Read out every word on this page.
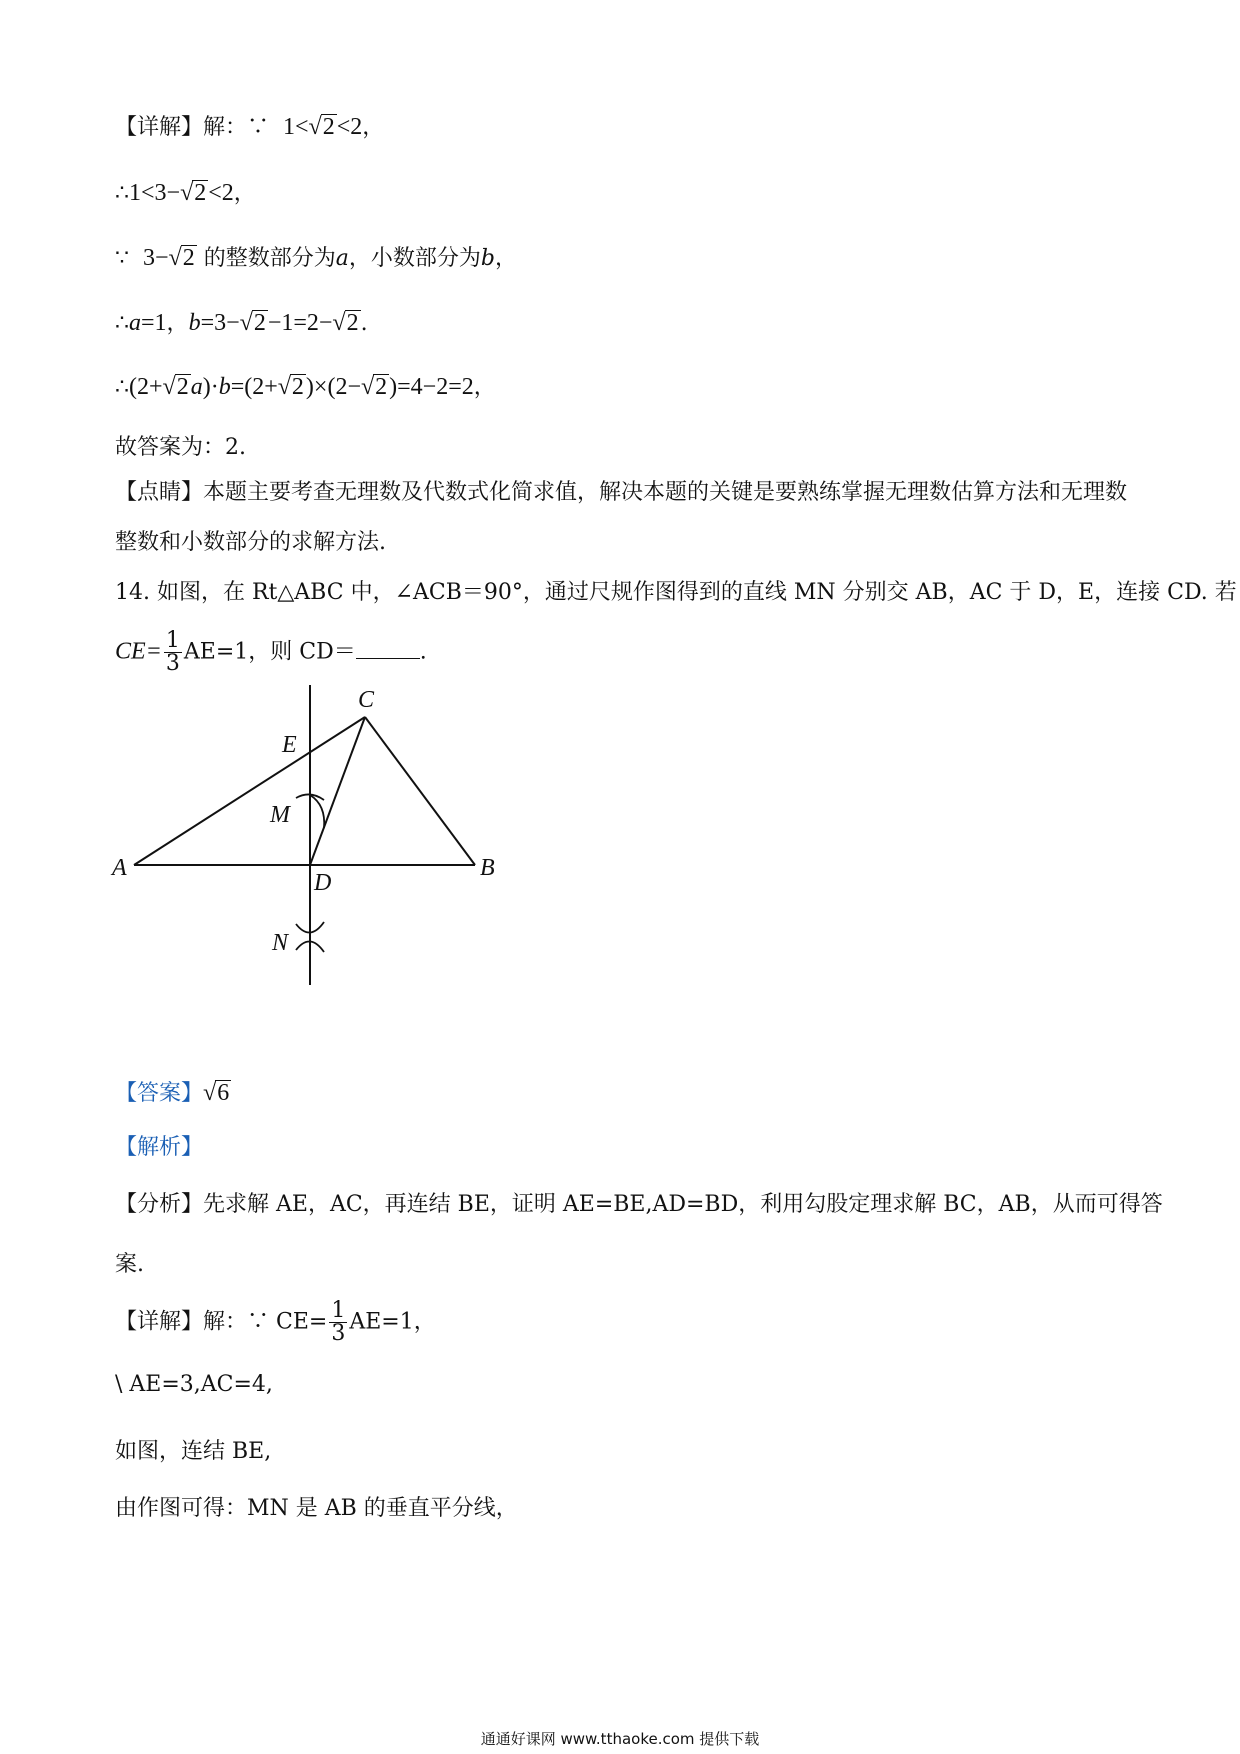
【详解】解：∵  1<√2<2，
∴1<3−√2<2，
∵  3−√2 的整数部分为a，小数部分为b，
∴a=1，b=3−√2−1=2−√2.
∴(2+√2a)·b=(2+√2)×(2−√2)=4−2=2，
故答案为：2.
【点睛】本题主要考查无理数及代数式化简求值，解决本题的关键是要熟练掌握无理数估算方法和无理数
整数和小数部分的求解方法.
14. 如图，在 Rt△ABC 中，∠ACB＝90°，通过尺规作图得到的直线 MN 分别交 AB，AC 于 D，E，连接 CD. 若
$CE= \frac{1}{3} AE=1$，则 CD＝	.
A	B
C
D
E
M
N
【答案】√6
【解析】
【分析】先求解 AE，AC，再连结 BE，证明 AE=BE,AD=BD，利用勾股定理求解 BC，AB，从而可得答
案.
【详解】解：∵ $CE= \frac{1}{3} AE=1$，
\ AE=3,AC=4,
如图，连结 BE,
由作图可得：MN 是 AB 的垂直平分线，
通通好课网 www.tthaoke.com 提供下载
